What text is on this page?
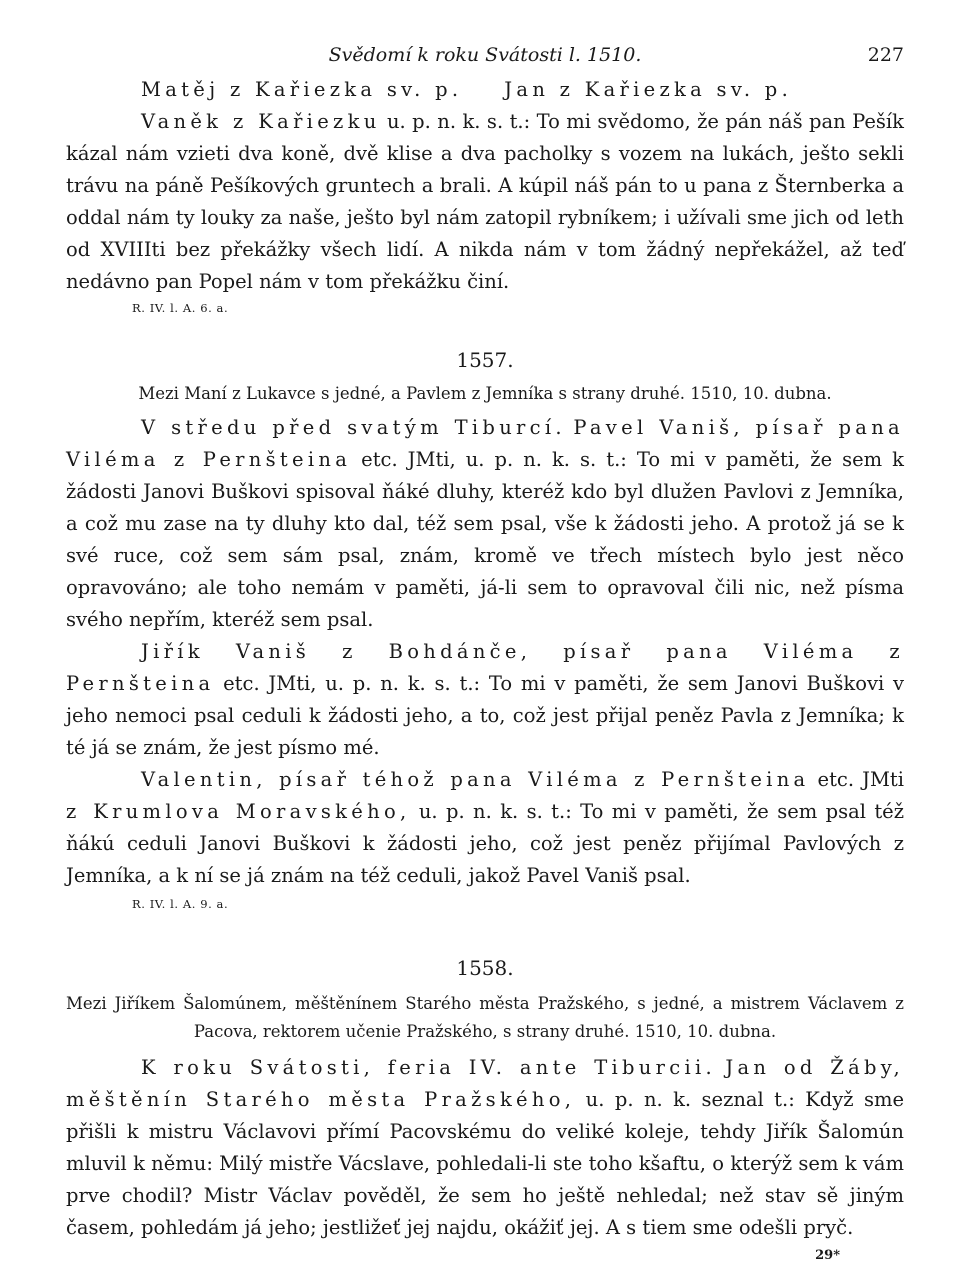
Svědomí k roku Svátosti l. 1510.	227

Matěj z Kařiezka sv. p.    Jan z Kařiezka sv. p.

Vaněk z Kařiezku u. p. n. k. s. t.: To mi svědomo, že pán náš pan Pešík kázal nám vzieti dva koně, dvě klise a dva pacholky s vozem na lukách, ješto sekli trávu na páně Pešíkových gruntech a brali. A kúpil náš pán to u pana z Šternberka a oddal nám ty louky za naše, ješto byl nám zatopil rybníkem; i užívali sme jich od leth od XVIIIti bez překážky všech lidí. A nikda nám v tom žádný nepřekážel, až teď nedávno pan Popel nám v tom překážku činí.

R. IV. l. A. 6. a.

1557.

Mezi Maní z Lukavce s jedné, a Pavlem z Jemníka s strany druhé. 1510, 10. dubna.

V středu před svatým Tiburcí. Pavel Vaniš, písař pana Viléma z Pernšteina etc. JMti, u. p. n. k. s. t.: To mi v paměti, že sem k žádosti Janovi Buškovi spisoval ňáké dluhy, kteréž kdo byl dlužen Pavlovi z Jemníka, a což mu zase na ty dluhy kto dal, též sem psal, vše k žádosti jeho. A protož já se k své ruce, což sem sám psal, znám, kromě ve třech místech bylo jest něco opravováno; ale toho nemám v paměti, já-li sem to opravoval čili nic, než písma svého nepřím, kteréž sem psal.

Jiřík Vaniš z Bohdánče, písař pana Viléma z Pernšteina etc. JMti, u. p. n. k. s. t.: To mi v paměti, že sem Janovi Buškovi v jeho nemoci psal ceduli k žádosti jeho, a to, což jest přijal peněz Pavla z Jemníka; k té já se znám, že jest písmo mé.

Valentin, písař téhož pana Viléma z Pernšteina etc. JMti z Krumlova Moravského, u. p. n. k. s. t.: To mi v paměti, že sem psal též ňákú ceduli Janovi Buškovi k žádosti jeho, což jest peněz přijímal Pavlových z Jemníka, a k ní se já znám na též ceduli, jakož Pavel Vaniš psal.

R. IV. l. A. 9. a.

1558.

Mezi Jiříkem Šalomúnem, měštěnínem Starého města Pražského, s jedné, a mistrem Václavem z Pacova, rektorem učenie Pražského, s strany druhé. 1510, 10. dubna.

K roku Svátosti, feria IV. ante Tiburcii. Jan od Žáby, měštěnín Starého města Pražského, u. p. n. k. seznal t.: Když sme přišli k mistru Václavovi přímí Pacovskému do veliké koleje, tehdy Jiřík Šalomún mluvil k němu: Milý mistře Vácslave, pohledali-li ste toho kšaftu, o kterýž sem k vám prve chodil? Mistr Václav pověděl, že sem ho ještě nehledal; než stav sě jiným časem, pohledám já jeho; jestližeť jej najdu, okážiť jej. A s tiem sme odešli pryč.

29*
